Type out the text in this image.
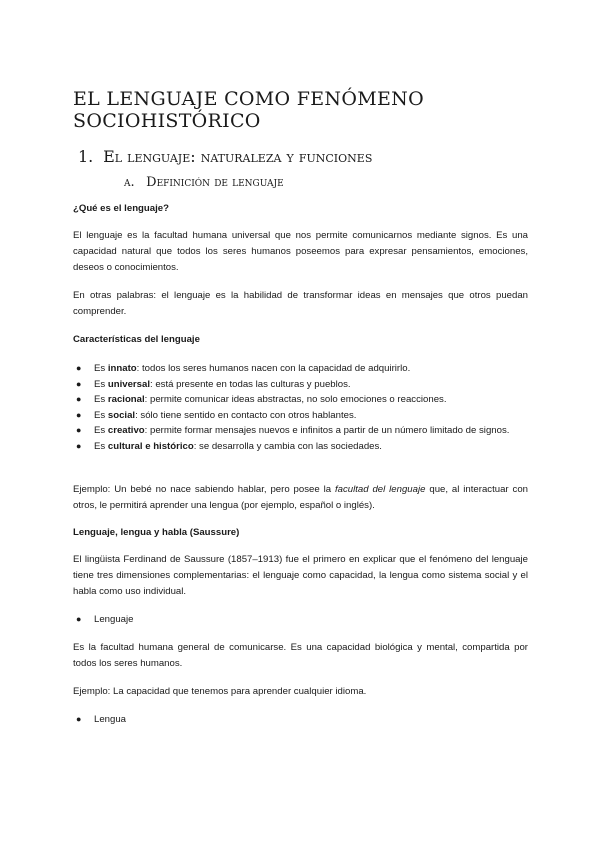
EL LENGUAJE COMO FENÓMENO SOCIOHISTÓRICO
1. El lenguaje: naturaleza y funciones
a. Definición de lenguaje

¿Qué es el lenguaje?

El lenguaje es la facultad humana universal que nos permite comunicarnos mediante signos. Es una capacidad natural que todos los seres humanos poseemos para expresar pensamientos, emociones, deseos o conocimientos.

En otras palabras: el lenguaje es la habilidad de transformar ideas en mensajes que otros puedan comprender.

Características del lenguaje

● Es innato: todos los seres humanos nacen con la capacidad de adquirirlo.
● Es universal: está presente en todas las culturas y pueblos.
● Es racional: permite comunicar ideas abstractas, no solo emociones o reacciones.
● Es social: sólo tiene sentido en contacto con otros hablantes.
● Es creativo: permite formar mensajes nuevos e infinitos a partir de un número limitado de signos.
● Es cultural e histórico: se desarrolla y cambia con las sociedades.

Ejemplo: Un bebé no nace sabiendo hablar, pero posee la facultad del lenguaje que, al interactuar con otros, le permitirá aprender una lengua (por ejemplo, español o inglés).

Lenguaje, lengua y habla (Saussure)

El lingüista Ferdinand de Saussure (1857–1913) fue el primero en explicar que el fenómeno del lenguaje tiene tres dimensiones complementarias: el lenguaje como capacidad, la lengua como sistema social y el habla como uso individual.

● Lenguaje

Es la facultad humana general de comunicarse. Es una capacidad biológica y mental, compartida por todos los seres humanos.

Ejemplo: La capacidad que tenemos para aprender cualquier idioma.

● Lengua
